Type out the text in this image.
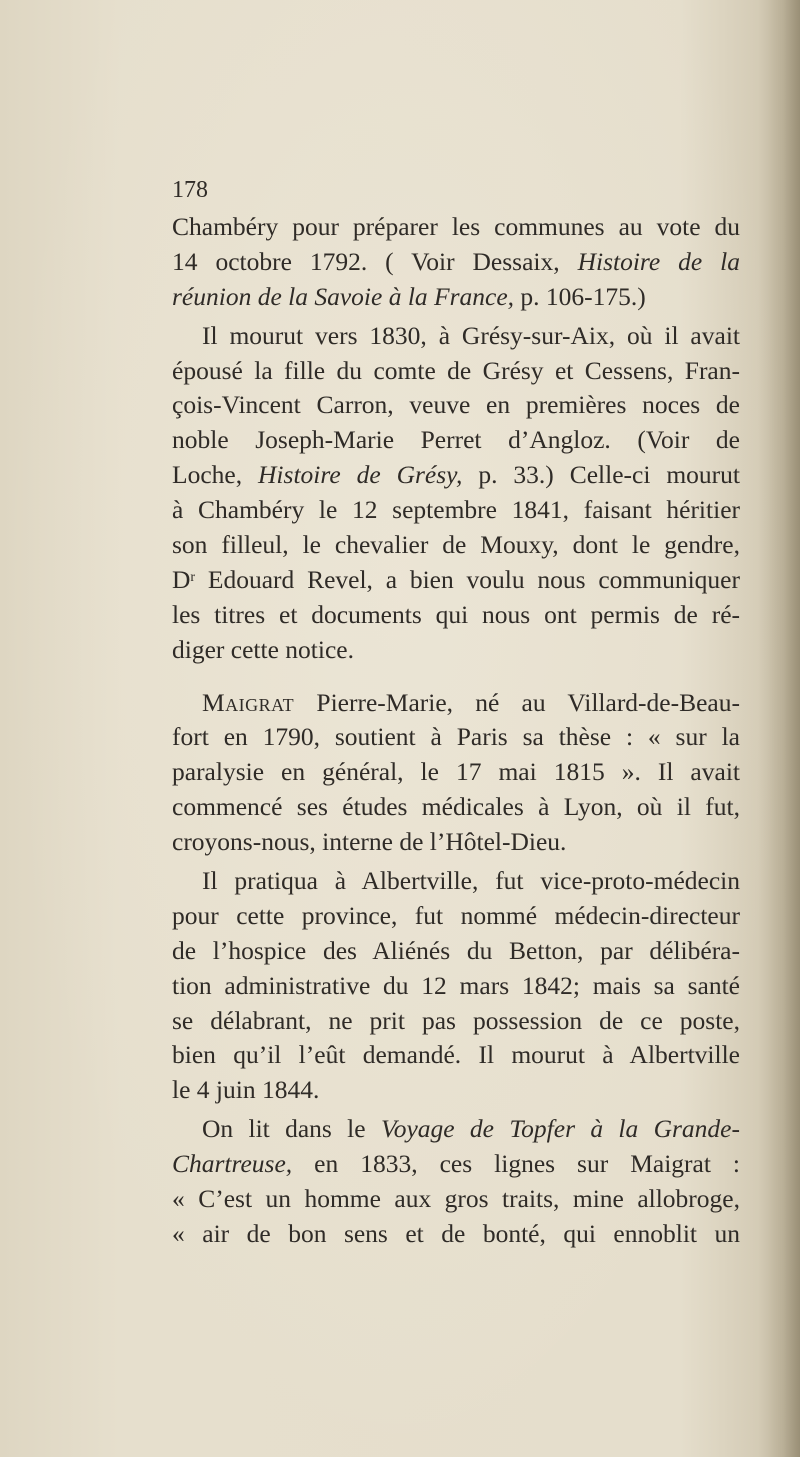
178
Chambéry pour préparer les communes au vote du
14 octobre 1792. ( Voir Dessaix, Histoire de la
réunion de la Savoie à la France, p. 106-175.)
Il mourut vers 1830, à Grésy-sur-Aix, où il avait
épousé la fille du comte de Grésy et Cessens, Fran-
çois-Vincent Carron, veuve en premières noces de
noble Joseph-Marie Perret d’Angloz. (Voir de
Loche, Histoire de Grésy, p. 33.) Celle-ci mourut
à Chambéry le 12 septembre 1841, faisant héritier
son filleul, le chevalier de Mouxy, dont le gendre,
$D^r$ Edouard Revel, a bien voulu nous communiquer
les titres et documents qui nous ont permis de ré-
diger cette notice.
Maigrat Pierre-Marie, né au Villard-de-Beau-
fort en 1790, soutient à Paris sa thèse : « sur la
paralysie en général, le 17 mai 1815 ». Il avait
commencé ses études médicales à Lyon, où il fut,
croyons-nous, interne de l’Hôtel-Dieu.
Il pratiqua à Albertville, fut vice-proto-médecin
pour cette province, fut nommé médecin-directeur
de l’hospice des Aliénés du Betton, par délibéra-
tion administrative du 12 mars 1842; mais sa santé
se délabrant, ne prit pas possession de ce poste,
bien qu’il l’eût demandé. Il mourut à Albertville
le 4 juin 1844.
On lit dans le Voyage de Topfer à la Grande-
Chartreuse, en 1833, ces lignes sur Maigrat :
« C’est un homme aux gros traits, mine allobroge,
« air de bon sens et de bonté, qui ennoblit un
